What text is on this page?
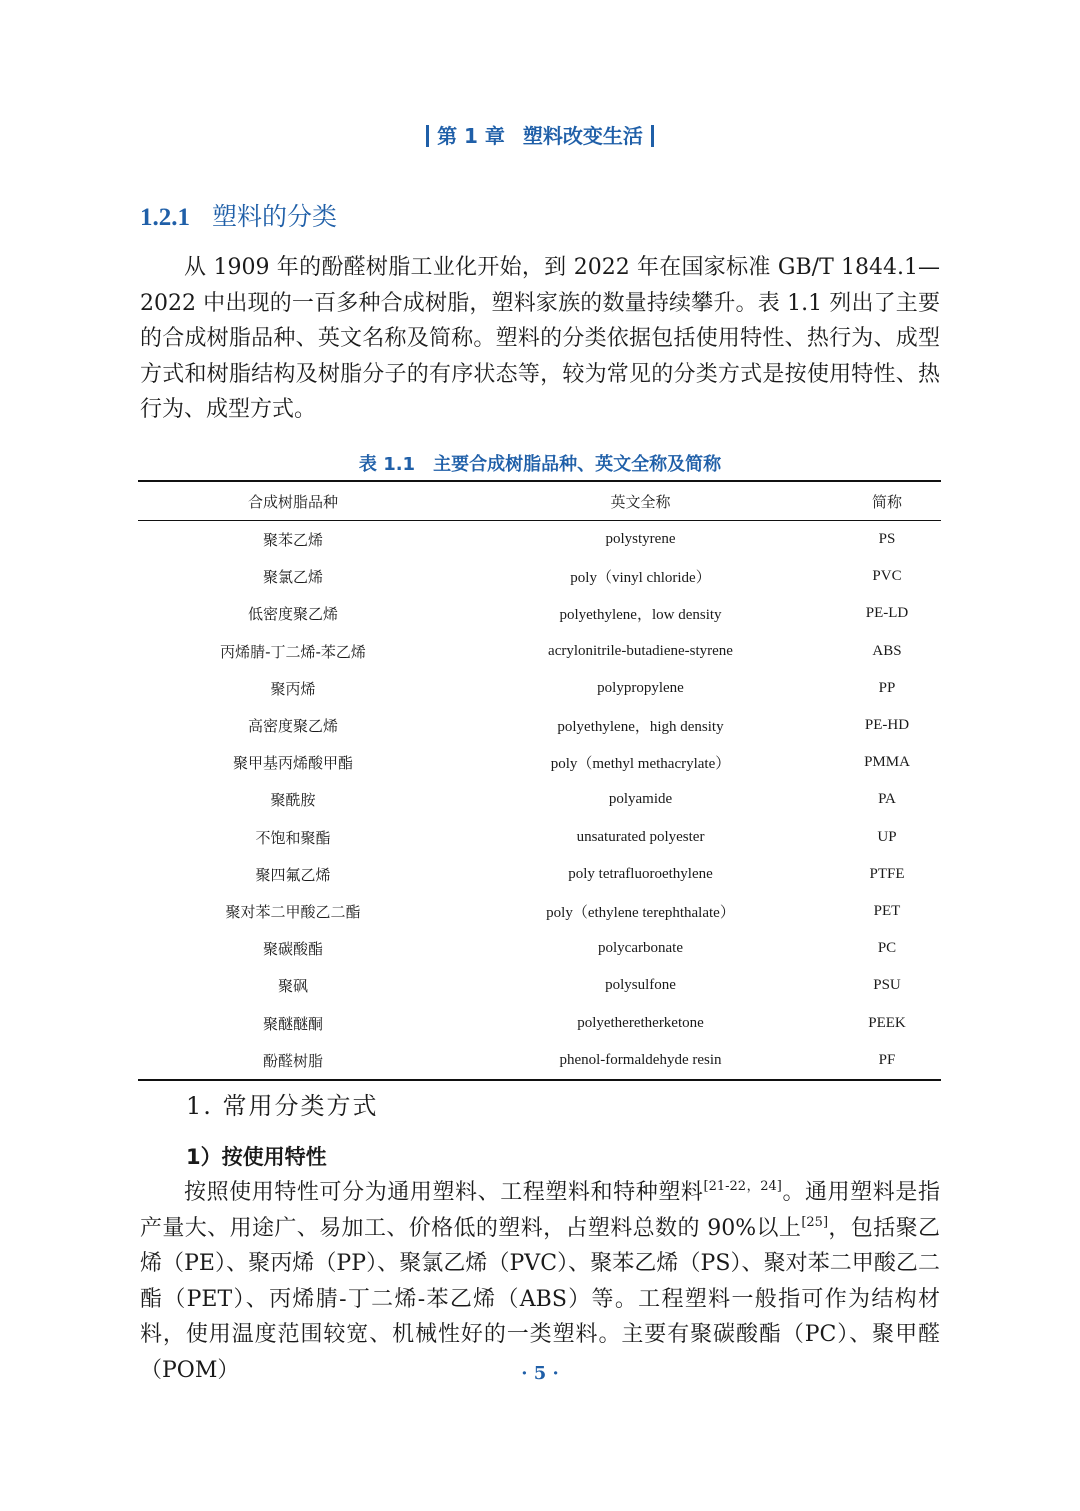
第 1 章 塑料改变生活
1.2.1 塑料的分类
从 1909 年的酚醛树脂工业化开始，到 2022 年在国家标准 GB/T 1844.1—2022 中出现的一百多种合成树脂，塑料家族的数量持续攀升。表 1.1 列出了主要的合成树脂品种、英文名称及简称。塑料的分类依据包括使用特性、热行为、成型方式和树脂结构及树脂分子的有序状态等，较为常见的分类方式是按使用特性、热行为、成型方式。
表 1.1 主要合成树脂品种、英文全称及简称
合成树脂品种	英文全称	简称
聚苯乙烯	polystyrene	PS
聚氯乙烯	poly（vinyl chloride）	PVC
低密度聚乙烯	polyethylene，low density	PE-LD
丙烯腈-丁二烯-苯乙烯	acrylonitrile-butadiene-styrene	ABS
聚丙烯	polypropylene	PP
高密度聚乙烯	polyethylene，high density	PE-HD
聚甲基丙烯酸甲酯	poly（methyl methacrylate）	PMMA
聚酰胺	polyamide	PA
不饱和聚酯	unsaturated polyester	UP
聚四氟乙烯	poly tetrafluoroethylene	PTFE
聚对苯二甲酸乙二酯	poly（ethylene terephthalate）	PET
聚碳酸酯	polycarbonate	PC
聚砜	polysulfone	PSU
聚醚醚酮	polyetheretherketone	PEEK
酚醛树脂	phenol-formaldehyde resin	PF
1. 常用分类方式
1）按使用特性
按照使用特性可分为通用塑料、工程塑料和特种塑料[21-22，24]。通用塑料是指产量大、用途广、易加工、价格低的塑料，占塑料总数的 90%以上[25]，包括聚乙烯（PE）、聚丙烯（PP）、聚氯乙烯（PVC）、聚苯乙烯（PS）、聚对苯二甲酸乙二酯（PET）、丙烯腈-丁二烯-苯乙烯（ABS）等。工程塑料一般指可作为结构材料，使用温度范围较宽、机械性好的一类塑料。主要有聚碳酸酯（PC）、聚甲醛（POM）	· 5 ·
